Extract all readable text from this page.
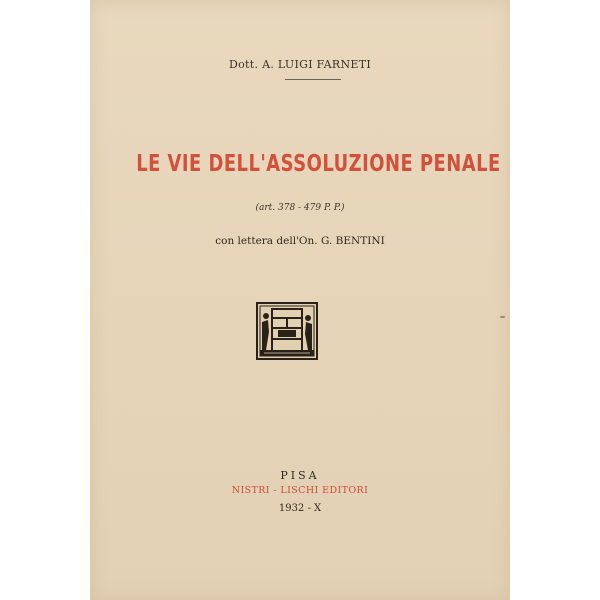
Dott. A. LUIGI FARNETI
LE VIE DELL'ASSOLUZIONE PENALE
(art. 378 - 479 P. P.)
con lettera dell'On. G. BENTINI
PISA
NISTRI - LISCHI EDITORI
1932 - X
